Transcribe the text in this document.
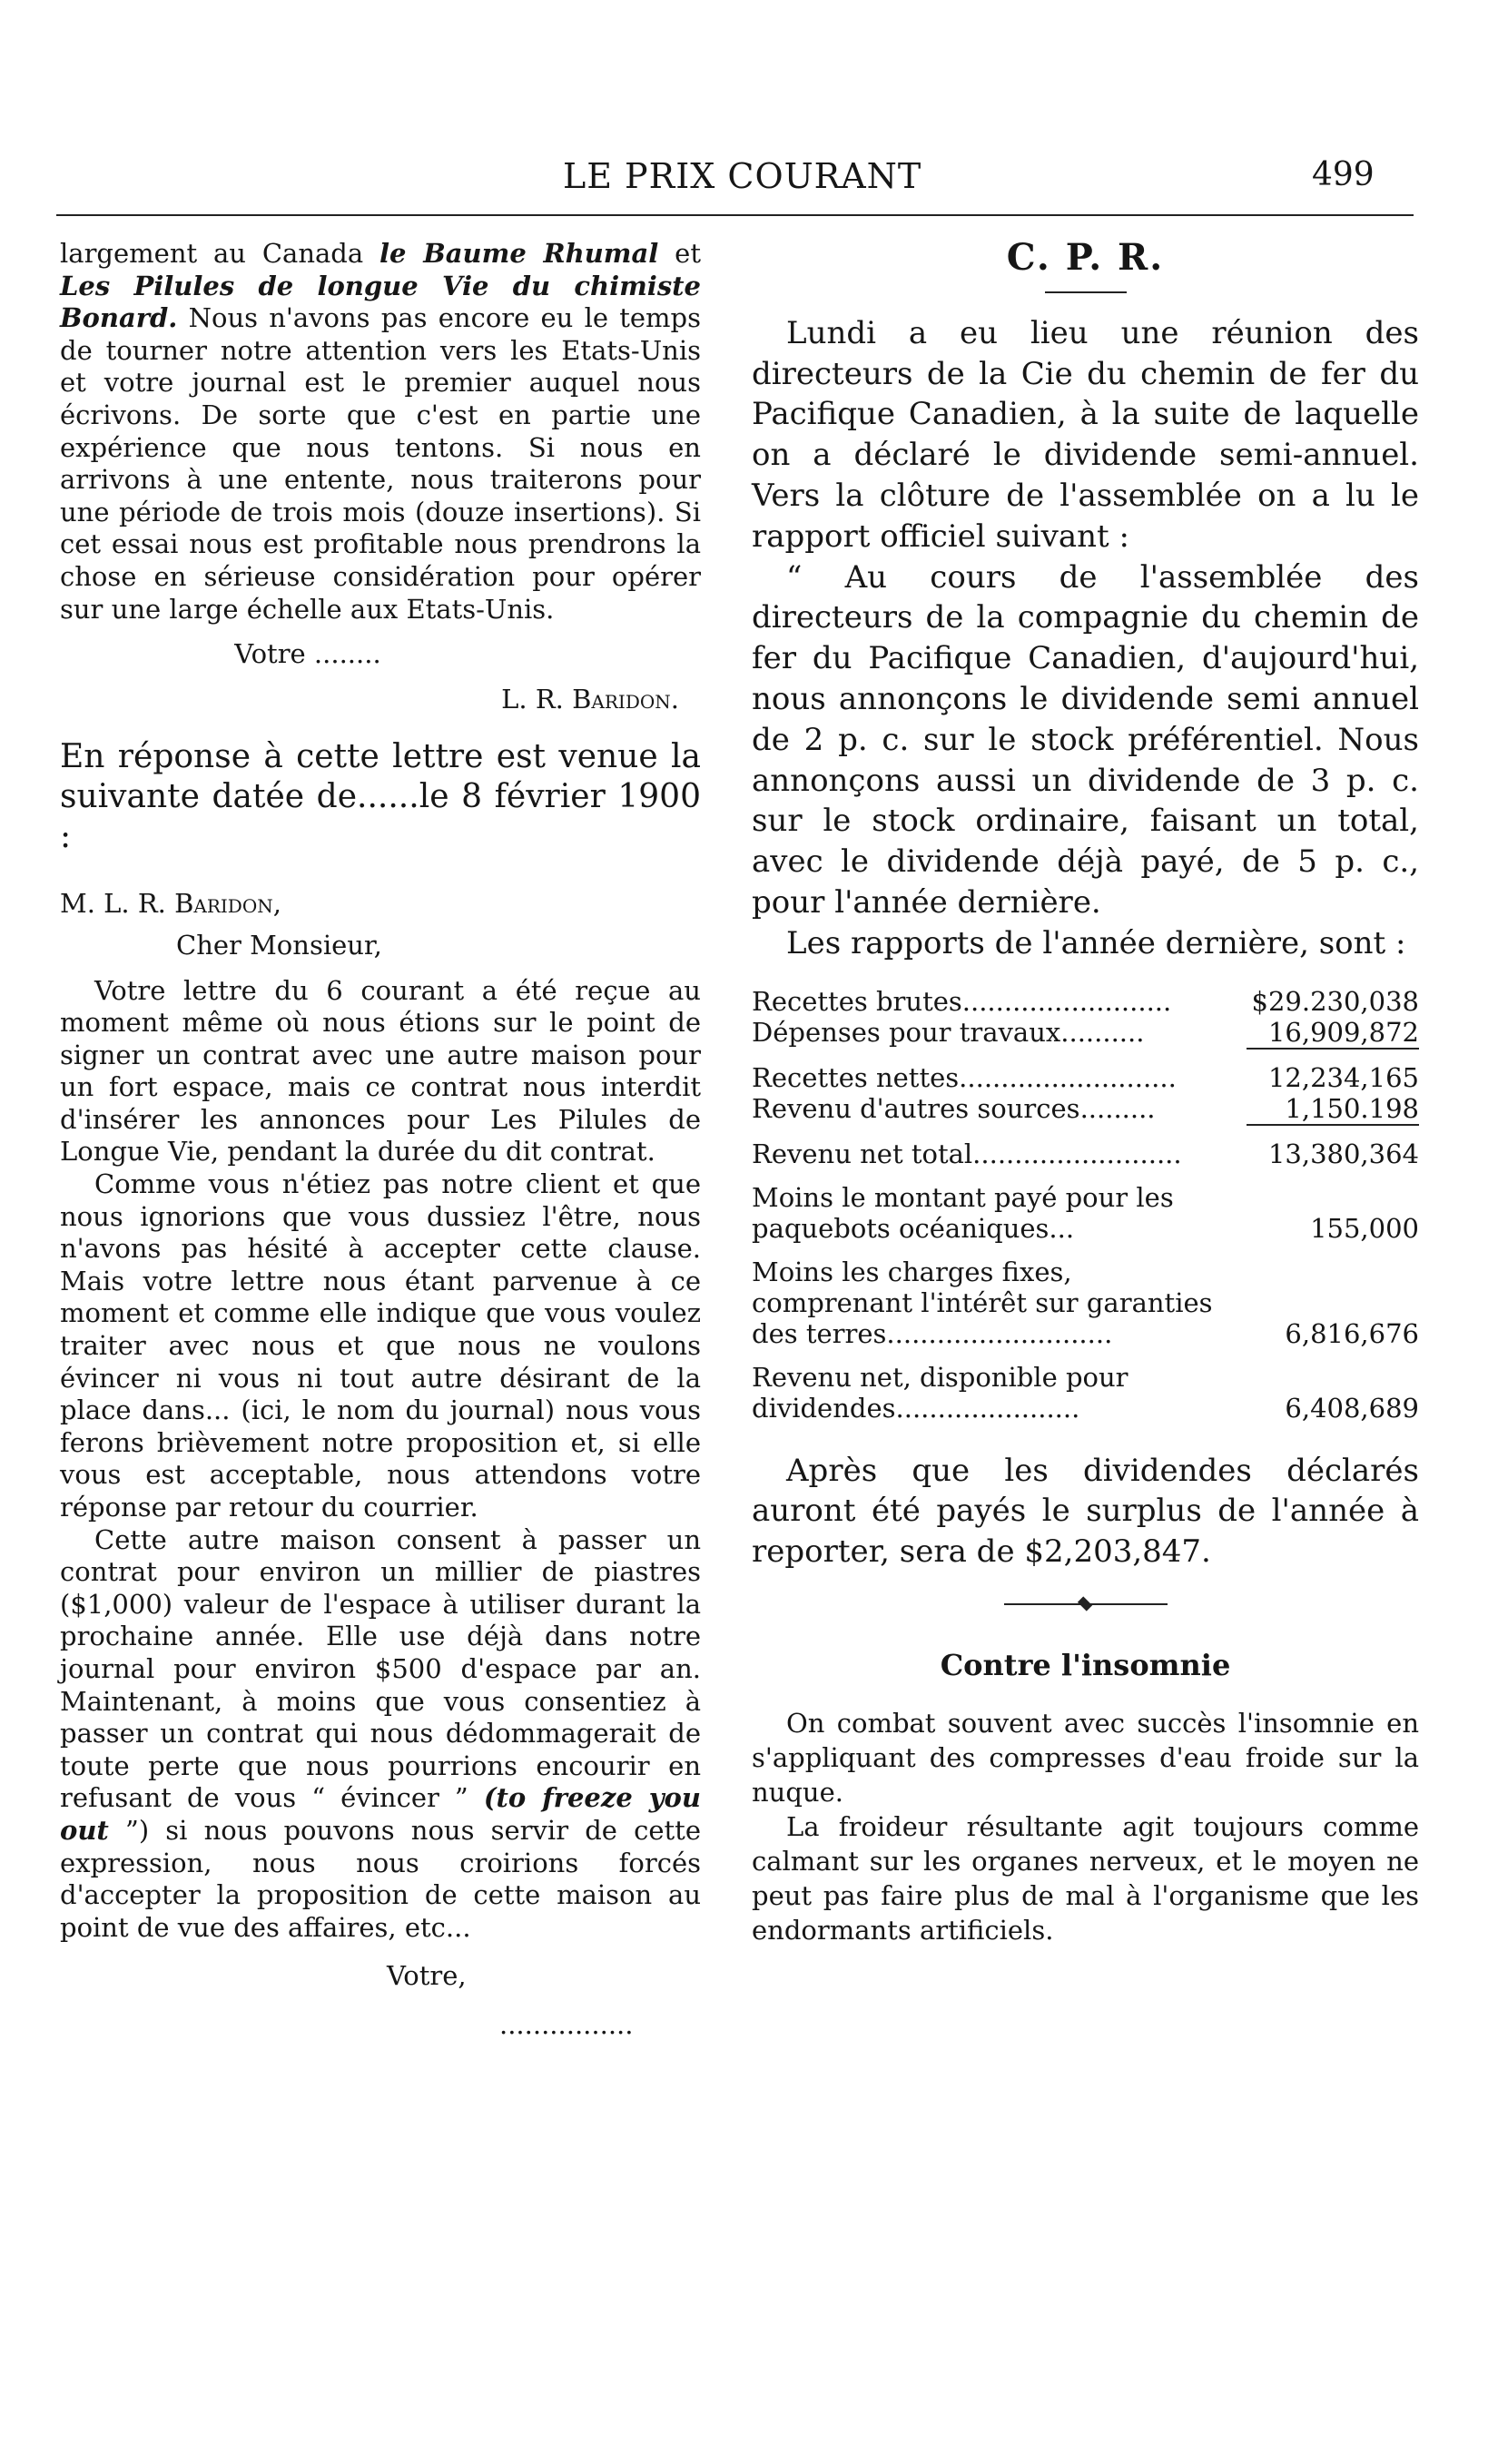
LE PRIX COURANT	499

largement au Canada le Baume Rhumal et Les Pilules de longue Vie du chimiste Bonard. Nous n'avons pas encore eu le temps de tourner notre attention vers les Etats-Unis et votre journal est le premier auquel nous écrivons. De sorte que c'est en partie une expérience que nous tentons. Si nous en arrivons à une entente, nous traiterons pour une période de trois mois (douze insertions). Si cet essai nous est profitable nous prendrons la chose en sérieuse considération pour opérer sur une large échelle aux Etats-Unis.

Votre ........

L. R. Baridon.

En réponse à cette lettre est venue la suivante datée de......le 8 février 1900 :

M. L. R. Baridon,

Cher Monsieur,

Votre lettre du 6 courant a été reçue au moment même où nous étions sur le point de signer un contrat avec une autre maison pour un fort espace, mais ce contrat nous interdit d'insérer les annonces pour Les Pilules de Longue Vie, pendant la durée du dit contrat.

Comme vous n'étiez pas notre client et que nous ignorions que vous dussiez l'être, nous n'avons pas hésité à accepter cette clause. Mais votre lettre nous étant parvenue à ce moment et comme elle indique que vous voulez traiter avec nous et que nous ne voulons évincer ni vous ni tout autre désirant de la place dans... (ici, le nom du journal) nous vous ferons brièvement notre proposition et, si elle vous est acceptable, nous attendons votre réponse par retour du courrier.

Cette autre maison consent à passer un contrat pour environ un millier de piastres ($1,000) valeur de l'espace à utiliser durant la prochaine année. Elle use déjà dans notre journal pour environ $500 d'espace par an. Maintenant, à moins que vous consentiez à passer un contrat qui nous dédommagerait de toute perte que nous pourrions encourir en refusant de vous “ évincer ” (to freeze you out ”) si nous pouvons nous servir de cette expression, nous nous croirions forcés d'accepter la proposition de cette maison au point de vue des affaires, etc...

Votre,

................

C. P. R.

Lundi a eu lieu une réunion des directeurs de la Cie du chemin de fer du Pacifique Canadien, à la suite de laquelle on a déclaré le dividende semi-annuel. Vers la clôture de l'assemblée on a lu le rapport officiel suivant :

“ Au cours de l'assemblée des directeurs de la compagnie du chemin de fer du Pacifique Canadien, d'aujourd'hui, nous annonçons le dividende semi annuel de 2 p. c. sur le stock préférentiel. Nous annonçons aussi un dividende de 3 p. c. sur le stock ordinaire, faisant un total, avec le dividende déjà payé, de 5 p. c., pour l'année dernière.

Les rapports de l'année dernière, sont :

Recettes brutes.........................	$29.230,038
Dépenses pour travaux..........	16,909,872

Recettes nettes..........................	12,234,165
Revenu d'autres sources.........	1,150.198

Revenu net total.........................	13,380,364

Moins le montant payé pour les paquebots océaniques...	155,000

Moins les charges fixes, comprenant l'intérêt sur garanties des terres...........................	6,816,676

Revenu net, disponible pour dividendes......................	6,408,689

Après que les dividendes déclarés auront été payés le surplus de l'année à reporter, sera de $2,203,847.

Contre l'insomnie

On combat souvent avec succès l'insomnie en s'appliquant des compresses d'eau froide sur la nuque.

La froideur résultante agit toujours comme calmant sur les organes nerveux, et le moyen ne peut pas faire plus de mal à l'organisme que les endormants artificiels.
